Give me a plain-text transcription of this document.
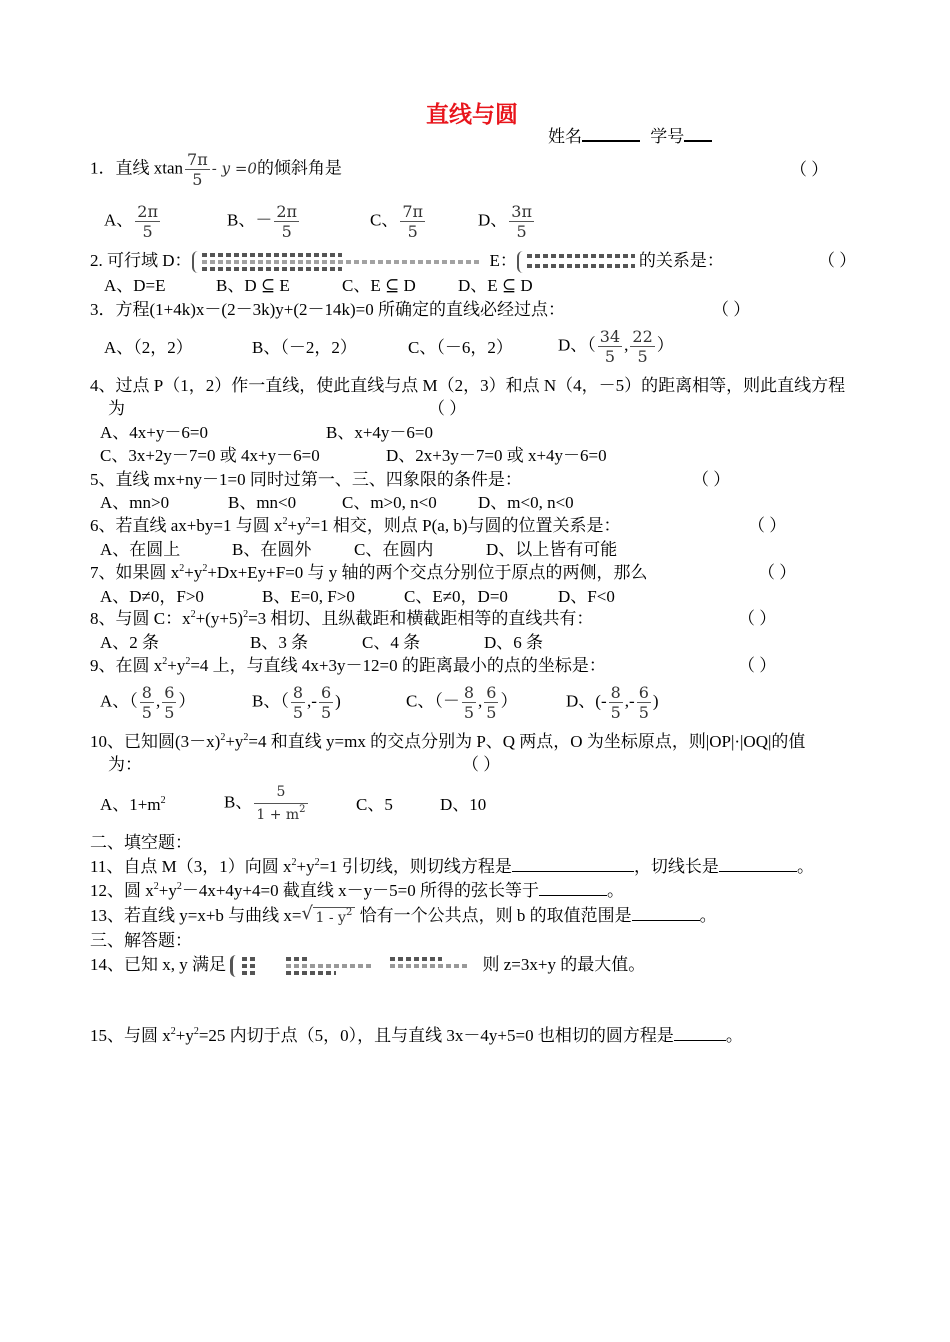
直线与圆
姓名	学号
1．直线 xtan $\frac{7\pi}{5} - y =0$的倾斜角是	（ ）
A、 $\frac{2\pi}{5}$	B、－ $\frac{2\pi}{5}$	C、 $\frac{7\pi}{5}$	D、 $\frac{3\pi}{5}$
2. 可行域 D：	E：	的关系是：	（ ）
A、D=E	B、D ⊆ E	C、E ⊆ D D、E ⊆ D
3．方程(1+4k)x－(2－3k)y+(2－14k)=0 所确定的直线必经过点：	（ ）
A、（2，2）	B、（－2，2）	C、（－6，2）	D、（ $\frac{34}{5}$ , $\frac{22}{5}$ ）
4、过点 P（1，2）作一直线，使此直线与点 M（2，3）和点 N（4，－5）的距离相等，则此直线方程
为	（ ）
A、4x+y－6=0	B、x+4y－6=0
C、3x+2y－7=0 或 4x+y－6=0	D、2x+3y－7=0 或 x+4y－6=0
5、直线 mx+ny－1=0 同时过第一、三、四象限的条件是：	（ ）
A、mn>0	B、mn<0	C、m>0, n<0 D、m<0, n<0
6、若直线 ax+by=1 与圆 $x^2+y^2=1$ 相交，则点 P(a, b)与圆的位置关系是：	（ ）
A、在圆上	B、在圆外	C、在圆内	D、以上皆有可能
7、如果圆 $x^2+y^2+Dx+Ey+F=0$ 与 y 轴的两个交点分别位于原点的两侧，那么	（ ）
A、D≠0，F>0	B、E=0, F>0	C、E≠0，D=0	D、F<0
8、与圆 C：$x^2+(y+5)^2=3$ 相切、且纵截距和横截距相等的直线共有：	（ ）
A、2 条	B、3 条	C、4 条	D、6 条
9、在圆 $x^2+y^2=4$ 上，与直线 4x+3y－12=0 的距离最小的点的坐标是：	（ ）
A、（ $\frac{8}{5}$ , $\frac{6}{5}$ ）	B、（ $\frac{8}{5}$ ,- $\frac{6}{5}$ )	C、（－ $\frac{8}{5}$ , $\frac{6}{5}$ ）	D、(- $\frac{8}{5}$ ,- $\frac{6}{5}$ )
10、已知圆$(3-x)^2+y^2=4$ 和直线 y=mx 的交点分别为 P、Q 两点，O 为坐标原点，则|OP|·|OQ|的值
为：	（ ）
A、$1+m^2$	B、 $\frac{5}{1 + m^2}$	C、5	D、10
二、填空题：
11、自点 M（3，1）向圆 $x^2+y^2=1$ 引切线，则切线方程是	，切线长是	。
12、圆 $x^2+y^2-4x+4y+4=0$ 截直线 x－y－5=0 所得的弦长等于	。
13、若直线 y=x+b 与曲线 x= √ $1 - y^2$ 恰有一个公共点，则 b 的取值范围是	。
三、解答题：
14、已知 x, y 满足	则 z=3x+y 的最大值。
15、与圆 $x^2+y^2=25$ 内切于点（5，0），且与直线 3x－4y+5=0 也相切的圆方程是	。
